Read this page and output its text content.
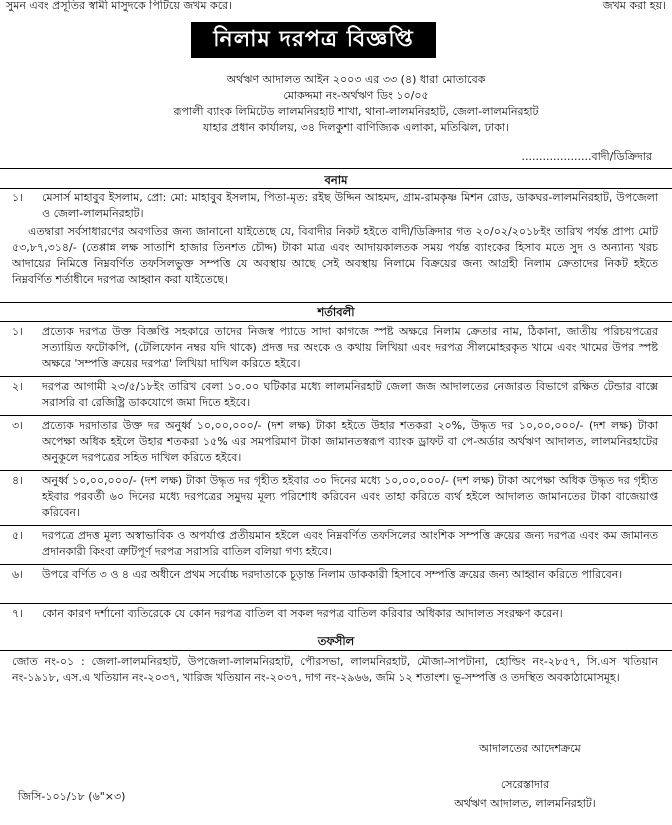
সুমন এবং প্রসূতির স্বামী মাসুদকে পিটিয়ে জখম করে।	জখম করা হয়।
নিলাম দরপত্র বিজ্ঞপ্তি
অর্থঋণ আদালত আইন ২০০৩ এর ৩৩ (৪) ধারা মোতাবেক
মোকদ্দমা নং-অর্থঋণ ডিং ১০/০৫
রূপালী ব্যাংক লিমিটেড লালমনিরহাট শাখা, থানা-লালমনিরহাট, জেলা-লালমনিরহাট
যাহার প্রধান কার্যালয়, ৩৪ দিলকুশা বাণিজ্যিক এলাকা, মতিঝিল, ঢাকা।
....................বাদী/ডিক্রিদার
বনাম
১।	মেসার্স মাহাবুব ইসলাম, প্রো: মো: মাহাবুব ইসলাম, পিতা-মৃত: রইছ উদ্দিন আহমদ, গ্রাম-রামকৃষ্ণ মিশন রোড, ডাকঘর-লালমনিরহাট, উপজেলা ও জেলা-লালমনিরহাট।
এতদ্বারা সর্বসাধারণের অবগতির জন্য জানানো যাইতেছে যে, বিবাদীর নিকট হইতে বাদী/ডিক্রিদার গত ২০/০২/২০১৮ইং তারিখ পর্যন্ত প্রাপ্য মোট ৫৩,৮৭,৩১৪/- (তেপ্পান্ন লক্ষ সাতাশি হাজার তিনশত চৌদ্দ) টাকা মাত্র এবং আদায়কালতক সময় পর্যন্ত ব্যাংকের হিসাব মতে সুদ ও অন্যান্য খরচ আদায়ের নিমিত্তে নিম্নবর্ণিত তফসিলভুক্ত সম্পত্তি যে অবস্থায় আছে সেই অবস্থায় নিলামে বিক্রয়ের জন্য আগ্রহী নিলাম ক্রেতাদের নিকট হইতে নিম্নবর্ণিত শর্তাধীনে দরপত্র আহ্বান করা যাইতেছে।
শর্তাবলী
১।	প্রত্যেক দরপত্র উক্ত বিজ্ঞপ্তি সহকারে তাদের নিজস্ব প্যাডে সাদা কাগজে স্পষ্ট অক্ষরে নিলাম ক্রেতার নাম, ঠিকানা, জাতীয় পরিচয়পত্রের সত্যায়িত ফটোকপি, (টেলিফোন নম্বর যদি থাকে) প্রদত্ত দর অংকে ও কথায় লিখিয়া এবং দরপত্র সীলমোহরকৃত খামে এবং খামের উপর স্পষ্ট অক্ষরে 'সম্পত্তি ক্রয়ের দরপত্র' লিখিয়া দাখিল করিতে হইবে।
২।	দরপত্র আগামী ২৩/৫/১৮ইং তারিখ বেলা ১০.০০ ঘটিকার মধ্যে লালমনিরহাট জেলা জজ আদালতের নেজারত বিভাগে রক্ষিত টেন্ডার বাক্সে সরাসরি বা রেজিষ্ট্রি ডাকযোগে জমা দিতে হইবে।
৩।	প্রত্যেক দরদাতার উক্ত দর অনুর্ধ্ব ১০,০০,০০০/- (দশ লক্ষ) টাকা হইতে উহার শতকরা ২০%, উদ্ধৃত দর ১০,০০,০০০/- (দশ লক্ষ) টাকা অপেক্ষা অধিক হইলে উহার শতকরা ১৫% এর সমপরিমাণ টাকা জামানতস্বরূপ ব্যাংক ড্রাফট বা পে-অর্ডার অর্থঋণ আদালত, লালমনিরহাটের অনুকূলে দরপত্রের সহিত দাখিল করিতে হইবে।
৪।	অনুর্ধ্ব ১০,০০,০০০/- (দশ লক্ষ) টাকা উদ্ধৃত দর গৃহীত হইবার ৩০ দিনের মধ্যে ১০,০০,০০০/- (দশ লক্ষ) টাকা অপেক্ষা অধিক উদ্ধৃত দর গৃহীত হইবার পরবর্তী ৬০ দিনের মধ্যে দরপত্রের সমুদয় মূল্য পরিশোধ করিবেন এবং তাহা করিতে ব্যর্থ হইলে আদালত জামানতের টাকা বাজেয়াপ্ত করিবেন।
৫।	দরপত্রে প্রদত্ত মূল্য অস্বাভাবিক ও অপর্যাপ্ত প্রতীয়মান হইলে এবং নিম্নবর্ণিত তফসিলের আংশিক সম্পত্তি ক্রয়ের জন্য দরপত্র এবং কম জামানত প্রদানকারী কিংবা ত্রুটিপূর্ণ দরপত্র সরাসরি বাতিল বলিয়া গণ্য হইবে।
৬।	উপরে বর্ণিত ৩ ও ৪ এর অধীনে প্রথম সর্বোচ্চ দরদাতাকে চূড়ান্ত নিলাম ডাককারী হিসাবে সম্পত্তি ক্রয়ের জন্য আহ্বান করিতে পারিবেন।
৭।	কোন কারণ দর্শানো ব্যতিরেকে যে কোন দরপত্র বাতিল বা সকল দরপত্র বাতিল করিবার অধিকার আদালত সংরক্ষণ করেন।
তফসীল
জোত নং-০১ : জেলা-লালমনিরহাট, উপজেলা-লালমনিরহাট, পৌরসভা, লালমনিরহাট, মৌজা-সাপটানা, হোল্ডিং নং-২৮৫৭, সি.এস খতিয়ান নং-১৯১৮, এস.এ খতিয়ান নং-২০৩৭, খারিজ খতিয়ান নং-২০৩৭, দাগ নং-২৯৬৬, জমি ১২ শতাংশ। ভূ-সম্পত্তি ও তদস্থিত অবকাঠামোসমূহ।
আদালতের আদেশক্রমে
জিসি-১০১/১৮ (৬"×৩)
সেরেস্তাদার
অর্থঋণ আদালত, লালমনিরহাট।
